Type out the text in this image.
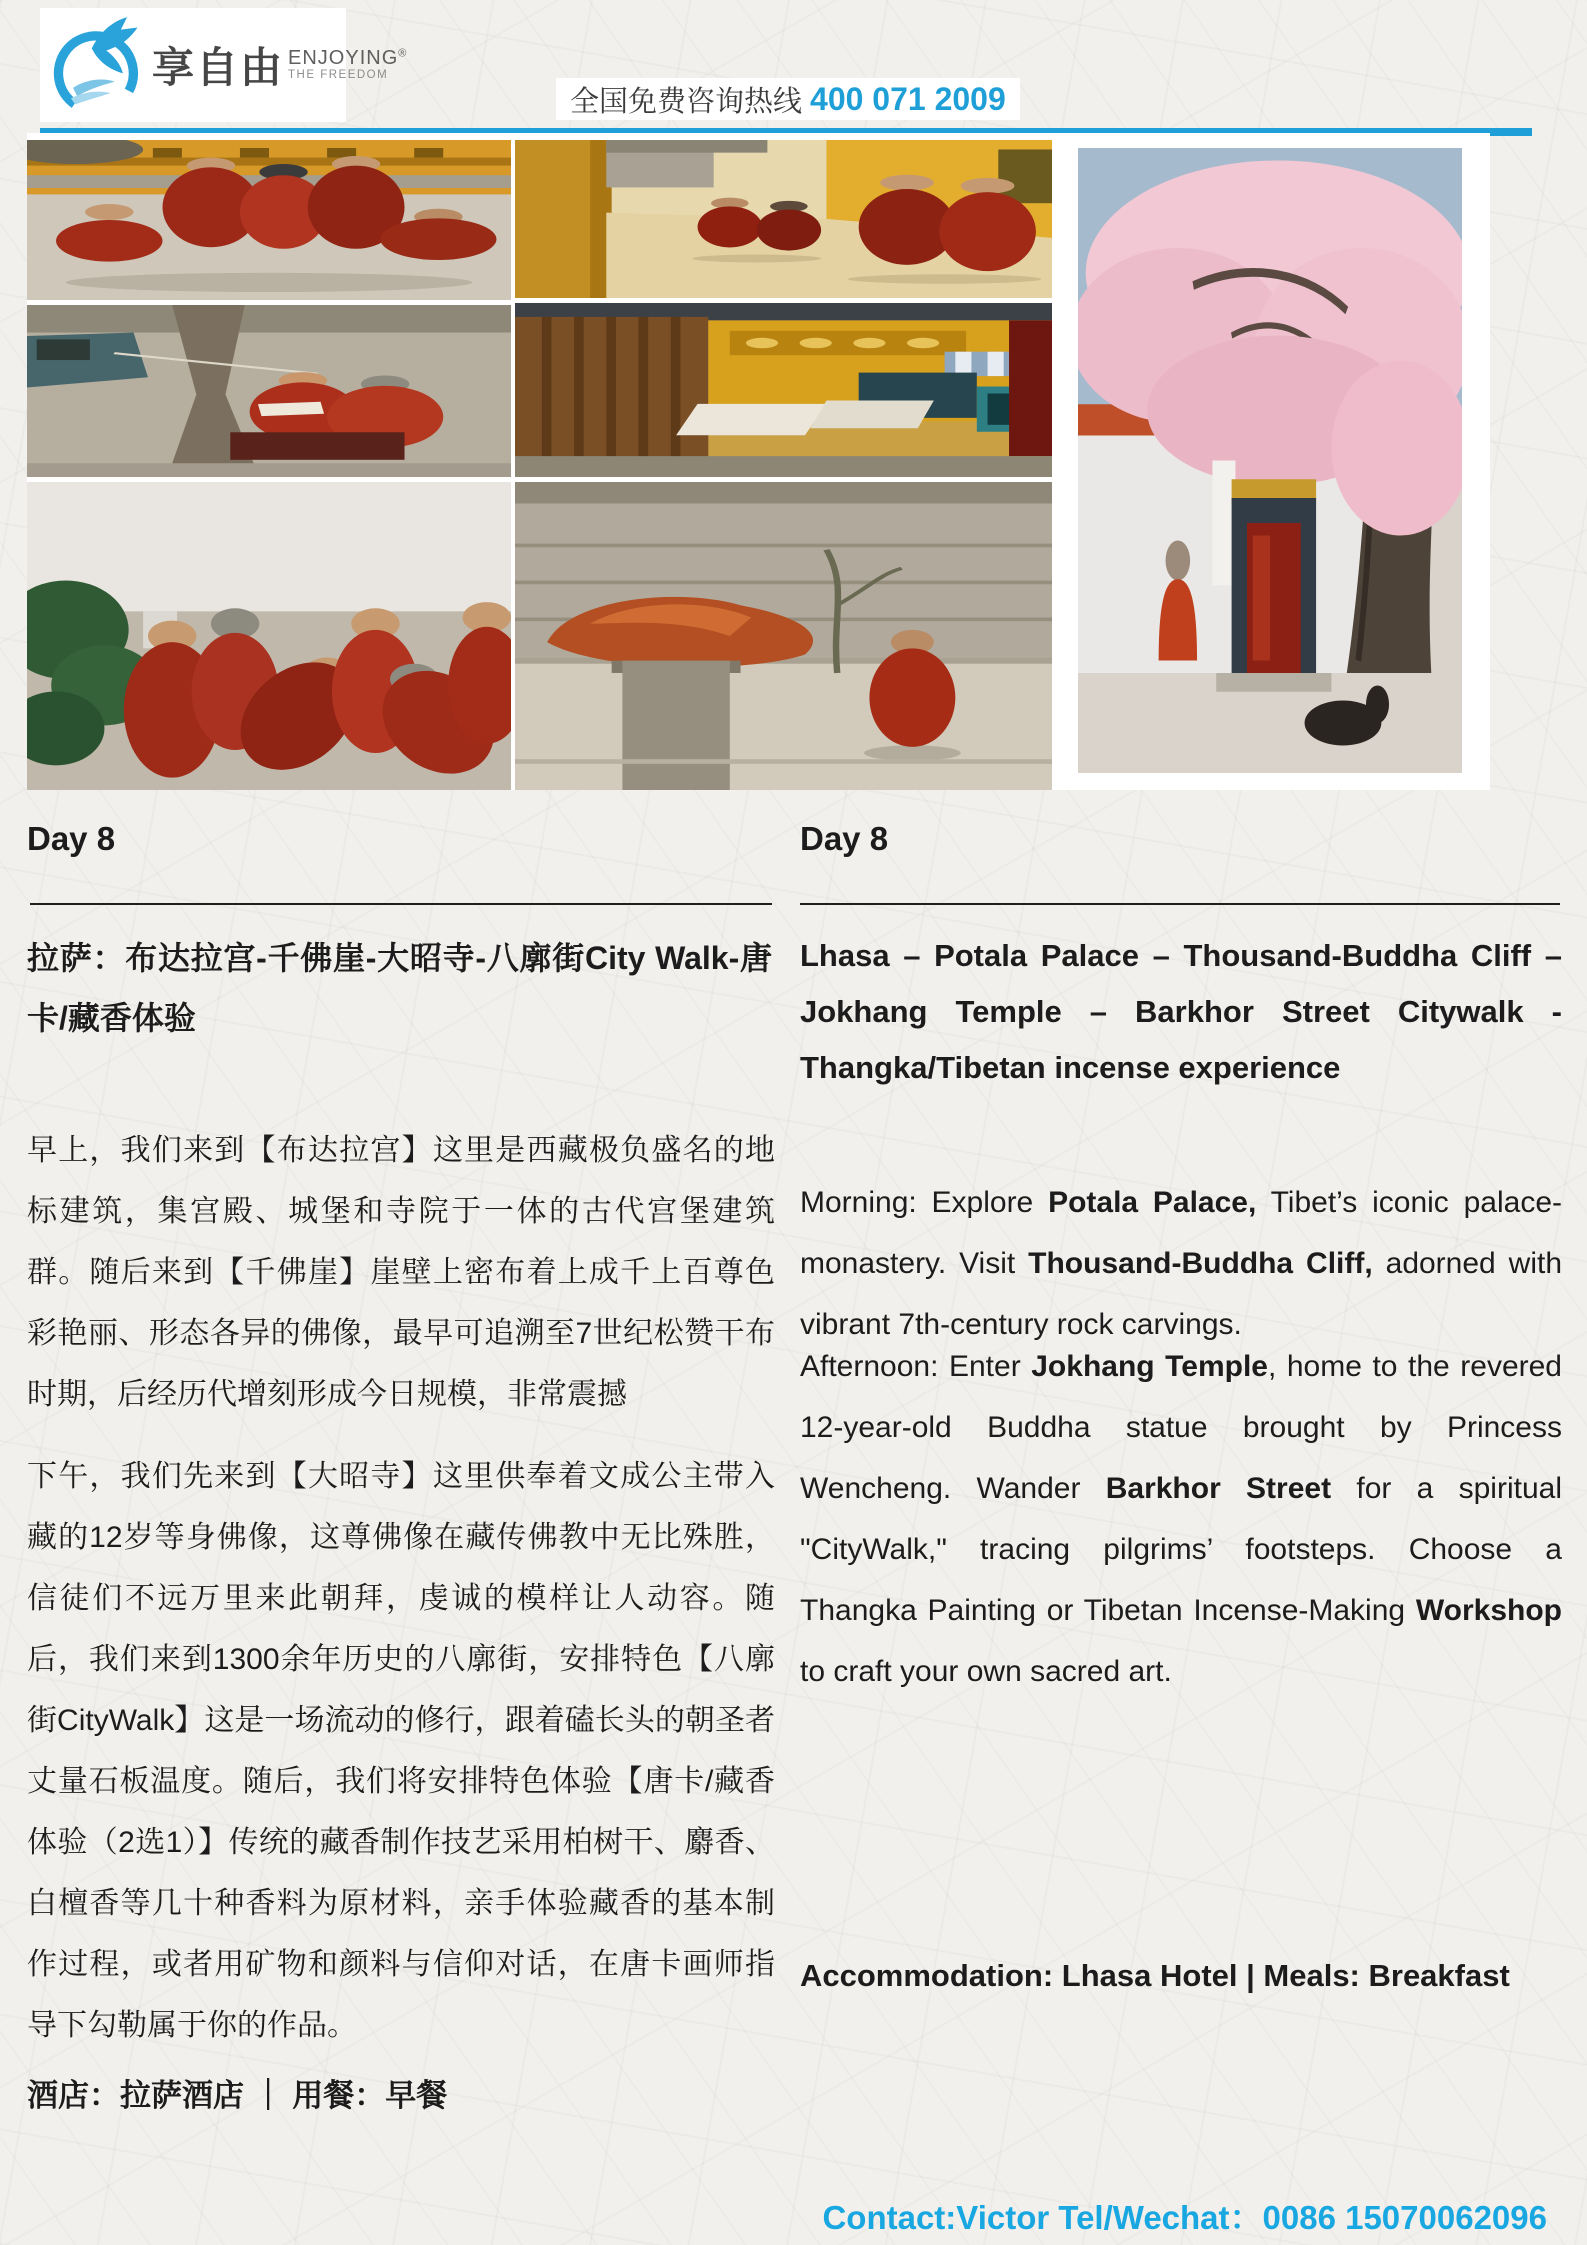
享自由 ENJOYING®
THE FREEDOM
全国免费咨询热线 400 071 2009
Day 8
拉萨：布达拉宫-千佛崖-大昭寺-八廓街City Walk-唐卡/藏香体验
早上，我们来到【布达拉宫】这里是西藏极负盛名的地标建筑，集宫殿、城堡和寺院于一体的古代宫堡建筑群。随后来到【千佛崖】崖壁上密布着上成千上百尊色彩艳丽、形态各异的佛像，最早可追溯至7世纪松赞干布时期，后经历代增刻形成今日规模，非常震撼
下午，我们先来到【大昭寺】这里供奉着文成公主带入藏的12岁等身佛像，这尊佛像在藏传佛教中无比殊胜，信徒们不远万里来此朝拜，虔诚的模样让人动容。随后，我们来到1300余年历史的八廓街，安排特色【八廓街CityWalk】这是一场流动的修行，跟着磕长头的朝圣者丈量石板温度。随后，我们将安排特色体验【唐卡/藏香体验（2选1）】传统的藏香制作技艺采用柏树干、麝香、白檀香等几十种香料为原材料，亲手体验藏香的基本制作过程，或者用矿物和颜料与信仰对话，在唐卡画师指导下勾勒属于你的作品。
酒店：拉萨酒店 ｜ 用餐：早餐
Day 8
Lhasa – Potala Palace – Thousand-Buddha Cliff – Jokhang Temple – Barkhor Street Citywalk - Thangka/Tibetan incense experience
Morning: Explore Potala Palace, Tibet’s iconic palace-monastery. Visit Thousand-Buddha Cliff, adorned with vibrant 7th-century rock carvings.
Afternoon: Enter Jokhang Temple, home to the revered 12-year-old Buddha statue brought by Princess Wencheng. Wander Barkhor Street for a spiritual "CityWalk," tracing pilgrims’ footsteps. Choose a Thangka Painting or Tibetan Incense-Making Workshop to craft your own sacred art.
Accommodation: Lhasa Hotel | Meals: Breakfast
Contact:Victor Tel/Wechat：0086 15070062096
